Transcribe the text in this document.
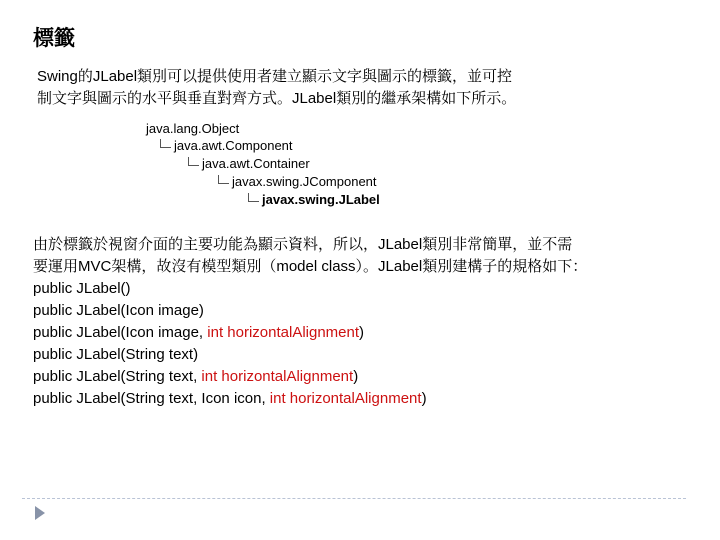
標籤
Swing的JLabel類別可以提供使用者建立顯示文字與圖示的標籤，並可控
制文字與圖示的水平與垂直對齊方式。JLabel類別的繼承架構如下所示。
java.lang.Object
java.awt.Component
java.awt.Container
javax.swing.JComponent
javax.swing.JLabel
由於標籤於視窗介面的主要功能為顯示資料，所以，JLabel類別非常簡單，並不需
要運用MVC架構，故沒有模型類別（model class）。JLabel類別建構子的規格如下：
public JLabel()
public JLabel(Icon image)
public JLabel(Icon image, int horizontalAlignment)
public JLabel(String text)
public JLabel(String text, int horizontalAlignment)
public JLabel(String text, Icon icon, int horizontalAlignment)
